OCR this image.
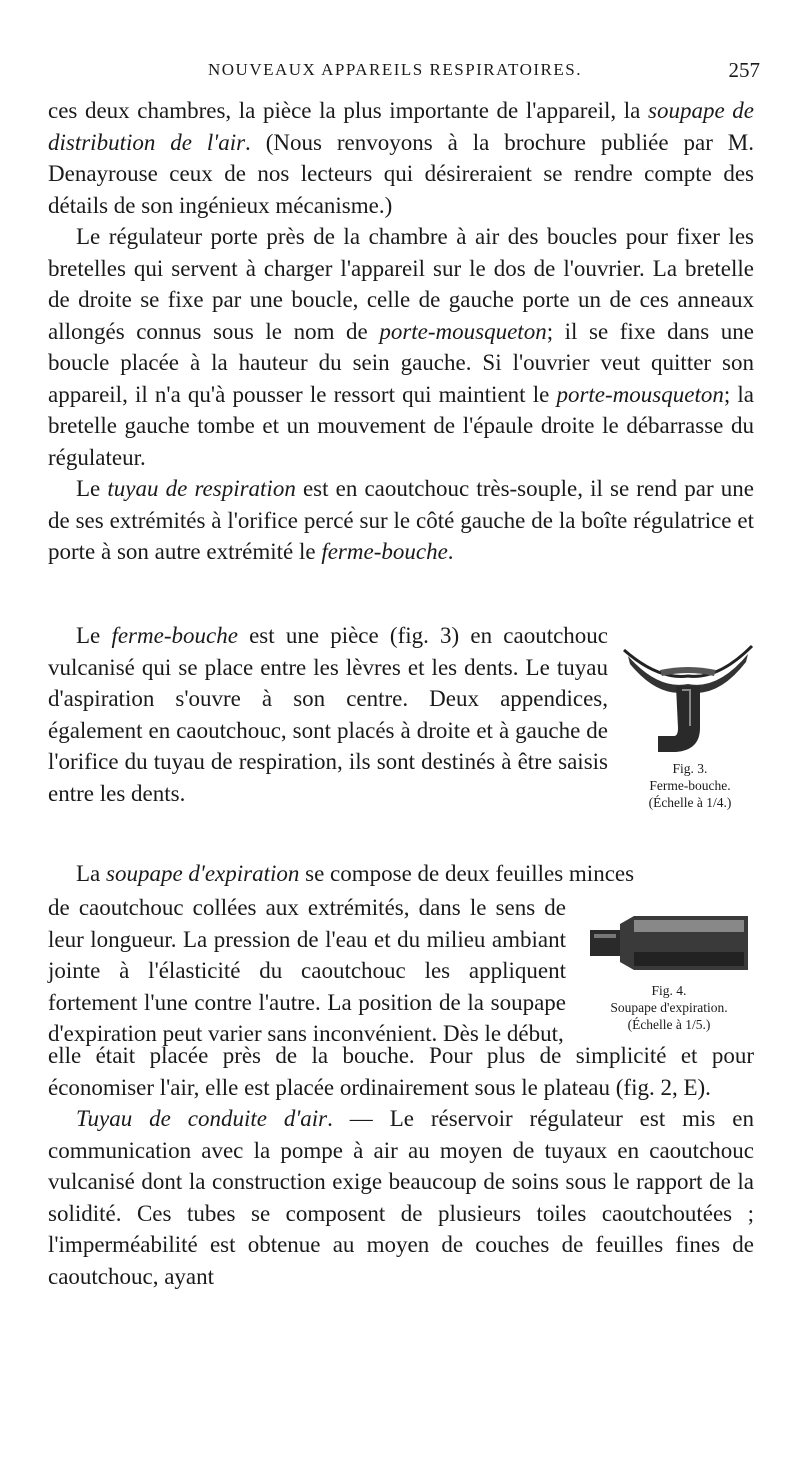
NOUVEAUX APPAREILS RESPIRATOIRES.	257

ces deux chambres, la pièce la plus importante de l'appareil, la soupape de distribution de l'air. (Nous renvoyons à la brochure publiée par M. Denayrouse ceux de nos lecteurs qui désireraient se rendre compte des détails de son ingénieux mécanisme.)

Le régulateur porte près de la chambre à air des boucles pour fixer les bretelles qui servent à charger l'appareil sur le dos de l'ouvrier. La bretelle de droite se fixe par une boucle, celle de gauche porte un de ces anneaux allongés connus sous le nom de porte-mousqueton; il se fixe dans une boucle placée à la hauteur du sein gauche. Si l'ouvrier veut quitter son appareil, il n'a qu'à pousser le ressort qui maintient le porte-mousqueton; la bretelle gauche tombe et un mouvement de l'épaule droite le débarrasse du régulateur.

Le tuyau de respiration est en caoutchouc très-souple, il se rend par une de ses extrémités à l'orifice percé sur le côté gauche de la boîte régulatrice et porte à son autre extrémité le ferme-bouche.

Le ferme-bouche est une pièce (fig. 3) en caoutchouc vulcanisé qui se place entre les lèvres et les dents. Le tuyau d'aspiration s'ouvre à son centre. Deux appendices, également en caoutchouc, sont placés à droite et à gauche de l'orifice du tuyau de respiration, ils sont destinés à être saisis entre les dents.

Fig. 3.
Ferme-bouche.
(Échelle à 1/4.)

La soupape d'expiration se compose de deux feuilles minces

de caoutchouc collées aux extrémités, dans le sens de leur longueur. La pression de l'eau et du milieu ambiant jointe à l'élasticité du caoutchouc les appliquent fortement l'une contre l'autre. La position de la soupape d'expiration peut varier sans inconvénient. Dès le début,

Fig. 4.
Soupape d'expiration.
(Échelle à 1/5.)

elle était placée près de la bouche. Pour plus de simplicité et pour économiser l'air, elle est placée ordinairement sous le plateau (fig. 2, E).

Tuyau de conduite d'air. — Le réservoir régulateur est mis en communication avec la pompe à air au moyen de tuyaux en caoutchouc vulcanisé dont la construction exige beaucoup de soins sous le rapport de la solidité. Ces tubes se composent de plusieurs toiles caoutchoutées ; l'imperméabilité est obtenue au moyen de couches de feuilles fines de caoutchouc, ayant
